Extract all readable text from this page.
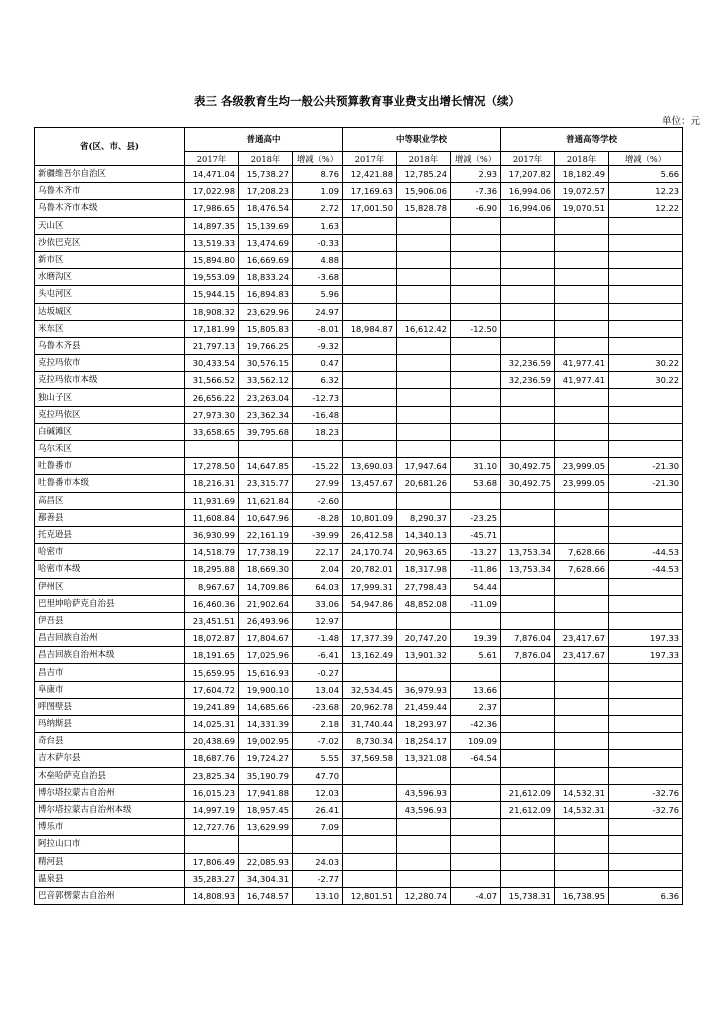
表三 各级教育生均一般公共预算教育事业费支出增长情况（续）
单位：元
省(区、市、县)	普通高中			中等职业学校			普通高等学校		
	2017年	2018年	增减（%）	2017年	2018年	增减（%）	2017年	2018年	增减（%）
新疆维吾尔自治区	14,471.04	15,738.27	8.76	12,421.88	12,785.24	2.93	17,207.82	18,182.49	5.66
乌鲁木齐市	17,022.98	17,208.23	1.09	17,169.63	15,906.06	-7.36	16,994.06	19,072.57	12.23
乌鲁木齐市本级	17,986.65	18,476.54	2.72	17,001.50	15,828.78	-6.90	16,994.06	19,070.51	12.22
天山区	14,897.35	15,139.69	1.63						
沙依巴克区	13,519.33	13,474.69	-0.33						
新市区	15,894.80	16,669.69	4.88						
水磨沟区	19,553.09	18,833.24	-3.68						
头屯河区	15,944.15	16,894.83	5.96						
达坂城区	18,908.32	23,629.96	24.97						
米东区	17,181.99	15,805.83	-8.01	18,984.87	16,612.42	-12.50			
乌鲁木齐县	21,797.13	19,766.25	-9.32						
克拉玛依市	30,433.54	30,576.15	0.47				32,236.59	41,977.41	30.22
克拉玛依市本级	31,566.52	33,562.12	6.32				32,236.59	41,977.41	30.22
独山子区	26,656.22	23,263.04	-12.73						
克拉玛依区	27,973.30	23,362.34	-16.48						
白碱滩区	33,658.65	39,795.68	18.23						
乌尔禾区									
吐鲁番市	17,278.50	14,647.85	-15.22	13,690.03	17,947.64	31.10	30,492.75	23,999.05	-21.30
吐鲁番市本级	18,216.31	23,315.77	27.99	13,457.67	20,681.26	53.68	30,492.75	23,999.05	-21.30
高昌区	11,931.69	11,621.84	-2.60						
鄯善县	11,608.84	10,647.96	-8.28	10,801.09	8,290.37	-23.25			
托克逊县	36,930.99	22,161.19	-39.99	26,412.58	14,340.13	-45.71			
哈密市	14,518.79	17,738.19	22.17	24,170.74	20,963.65	-13.27	13,753.34	7,628.66	-44.53
哈密市本级	18,295.88	18,669.30	2.04	20,782.01	18,317.98	-11.86	13,753.34	7,628.66	-44.53
伊州区	8,967.67	14,709.86	64.03	17,999.31	27,798.43	54.44			
巴里坤哈萨克自治县	16,460.36	21,902.64	33.06	54,947.86	48,852.08	-11.09			
伊吾县	23,451.51	26,493.96	12.97						
昌吉回族自治州	18,072.87	17,804.67	-1.48	17,377.39	20,747.20	19.39	7,876.04	23,417.67	197.33
昌吉回族自治州本级	18,191.65	17,025.96	-6.41	13,162.49	13,901.32	5.61	7,876.04	23,417.67	197.33
昌吉市	15,659.95	15,616.93	-0.27						
阜康市	17,604.72	19,900.10	13.04	32,534.45	36,979.93	13.66			
呼图壁县	19,241.89	14,685.66	-23.68	20,962.78	21,459.44	2.37			
玛纳斯县	14,025.31	14,331.39	2.18	31,740.44	18,293.97	-42.36			
奇台县	20,438.69	19,002.95	-7.02	8,730.34	18,254.17	109.09			
吉木萨尔县	18,687.76	19,724.27	5.55	37,569.58	13,321.08	-64.54			
木垒哈萨克自治县	23,825.34	35,190.79	47.70						
博尔塔拉蒙古自治州	16,015.23	17,941.88	12.03		43,596.93		21,612.09	14,532.31	-32.76
博尔塔拉蒙古自治州本级	14,997.19	18,957.45	26.41		43,596.93		21,612.09	14,532.31	-32.76
博乐市	12,727.76	13,629.99	7.09						
阿拉山口市									
精河县	17,806.49	22,085.93	24.03						
温泉县	35,283.27	34,304.31	-2.77						
巴音郭楞蒙古自治州	14,808.93	16,748.57	13.10	12,801.51	12,280.74	-4.07	15,738.31	16,738.95	6.36
